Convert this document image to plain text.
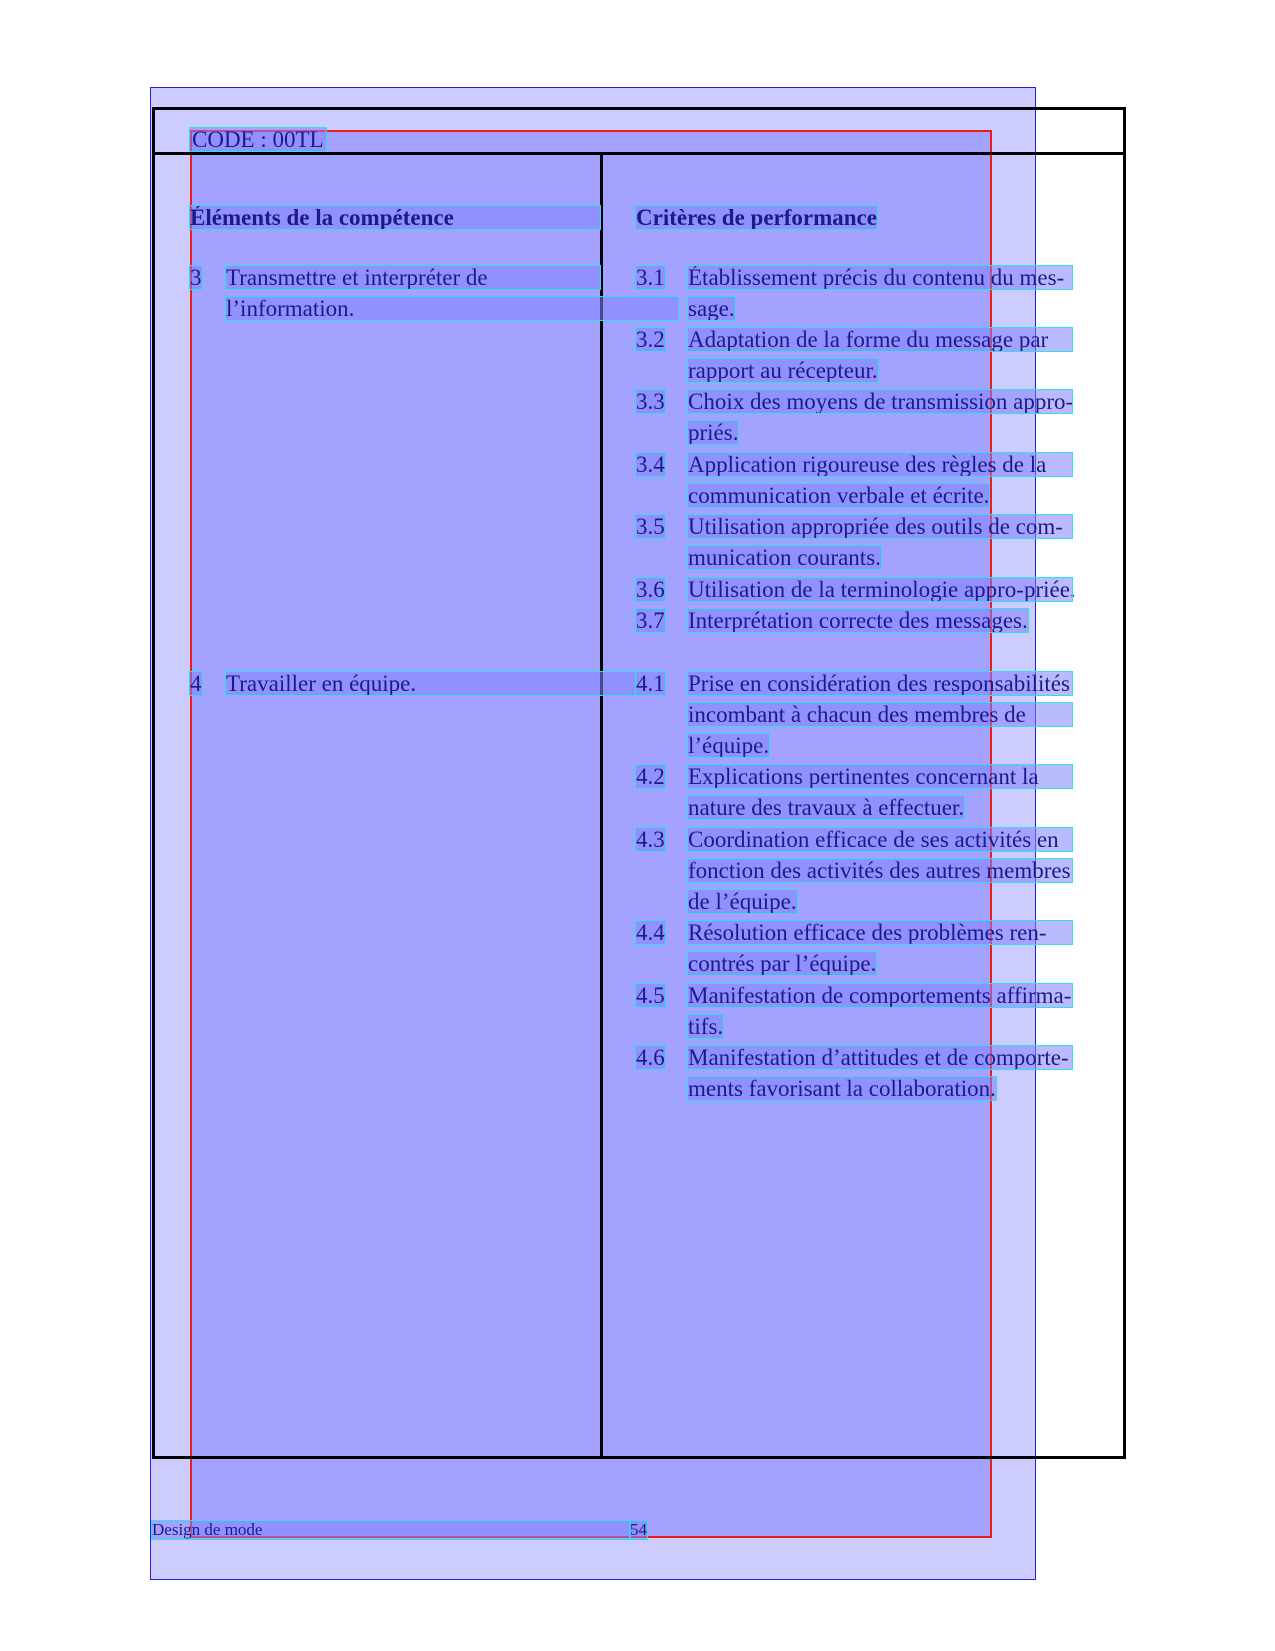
CODE : 00TL
Éléments de la compétence	Critères de performance
3 Transmettre et interpréter de
l’information.
4 Travailler en équipe.
3.1 Établissement précis du contenu du mes-
sage.
3.2 Adaptation de la forme du message par
rapport au récepteur.
3.3 Choix des moyens de transmission appro-
priés.
3.4 Application rigoureuse des règles de la
communication verbale et écrite.
3.5 Utilisation appropriée des outils de com-
munication courants.
3.6 Utilisation de la terminologie appro-priée.
3.7 Interprétation correcte des messages.
4.1 Prise en considération des responsabilités
incombant à chacun des membres de
l’équipe.
4.2 Explications pertinentes concernant la
nature des travaux à effectuer.
4.3 Coordination efficace de ses activités en
fonction des activités des autres membres
de l’équipe.
4.4 Résolution efficace des problèmes ren-
contrés par l’équipe.
4.5 Manifestation de comportements affirma-
tifs.
4.6 Manifestation d’attitudes et de comporte-
ments favorisant la collaboration.
Design de mode	54
